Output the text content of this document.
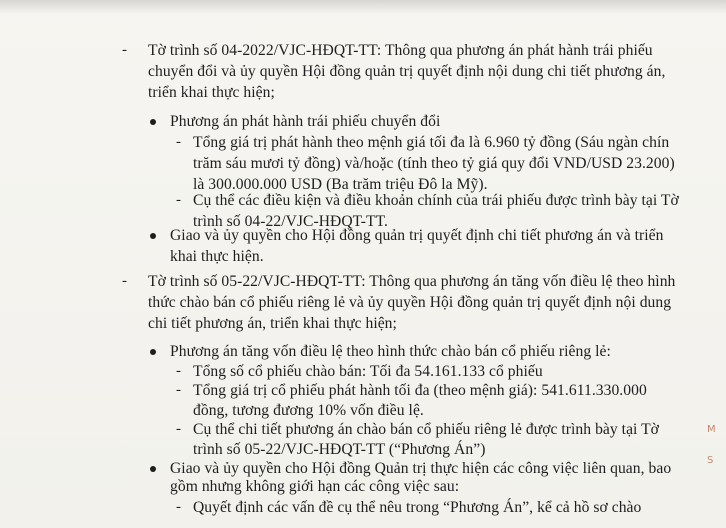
- Tờ trình số 04-2022/VJC-HĐQT-TT: Thông qua phương án phát hành trái phiếu
chuyển đổi và ủy quyền Hội đồng quản trị quyết định nội dung chi tiết phương án,
triển khai thực hiện;
Phương án phát hành trái phiếu chuyển đổi
- Tổng giá trị phát hành theo mệnh giá tối đa là 6.960 tỷ đồng (Sáu ngàn chín
trăm sáu mươi tỷ đồng) và/hoặc (tính theo tỷ giá quy đổi VND/USD 23.200)
là 300.000.000 USD (Ba trăm triệu Đô la Mỹ).
- Cụ thể các điều kiện và điều khoản chính của trái phiếu được trình bày tại Tờ
trình số 04-22/VJC-HĐQT-TT.
Giao và ủy quyền cho Hội đồng quản trị quyết định chi tiết phương án và triển
khai thực hiện.
- Tờ trình số 05-22/VJC-HĐQT-TT: Thông qua phương án tăng vốn điều lệ theo hình
thức chào bán cổ phiếu riêng lẻ và ủy quyền Hội đồng quản trị quyết định nội dung
chi tiết phương án, triển khai thực hiện;
Phương án tăng vốn điều lệ theo hình thức chào bán cổ phiếu riêng lẻ:
- Tổng số cổ phiếu chào bán: Tối đa 54.161.133 cổ phiếu
- Tổng giá trị cổ phiếu phát hành tối đa (theo mệnh giá): 541.611.330.000
đồng, tương đương 10% vốn điều lệ.
- Cụ thể chi tiết phương án chào bán cổ phiếu riêng lẻ được trình bày tại Tờ
trình số 05-22/VJC-HĐQT-TT (“Phương Án”)
Giao và ủy quyền cho Hội đồng Quản trị thực hiện các công việc liên quan, bao
gồm nhưng không giới hạn các công việc sau:
- Quyết định các vấn đề cụ thể nêu trong “Phương Án”, kể cả hồ sơ chào
M
S
